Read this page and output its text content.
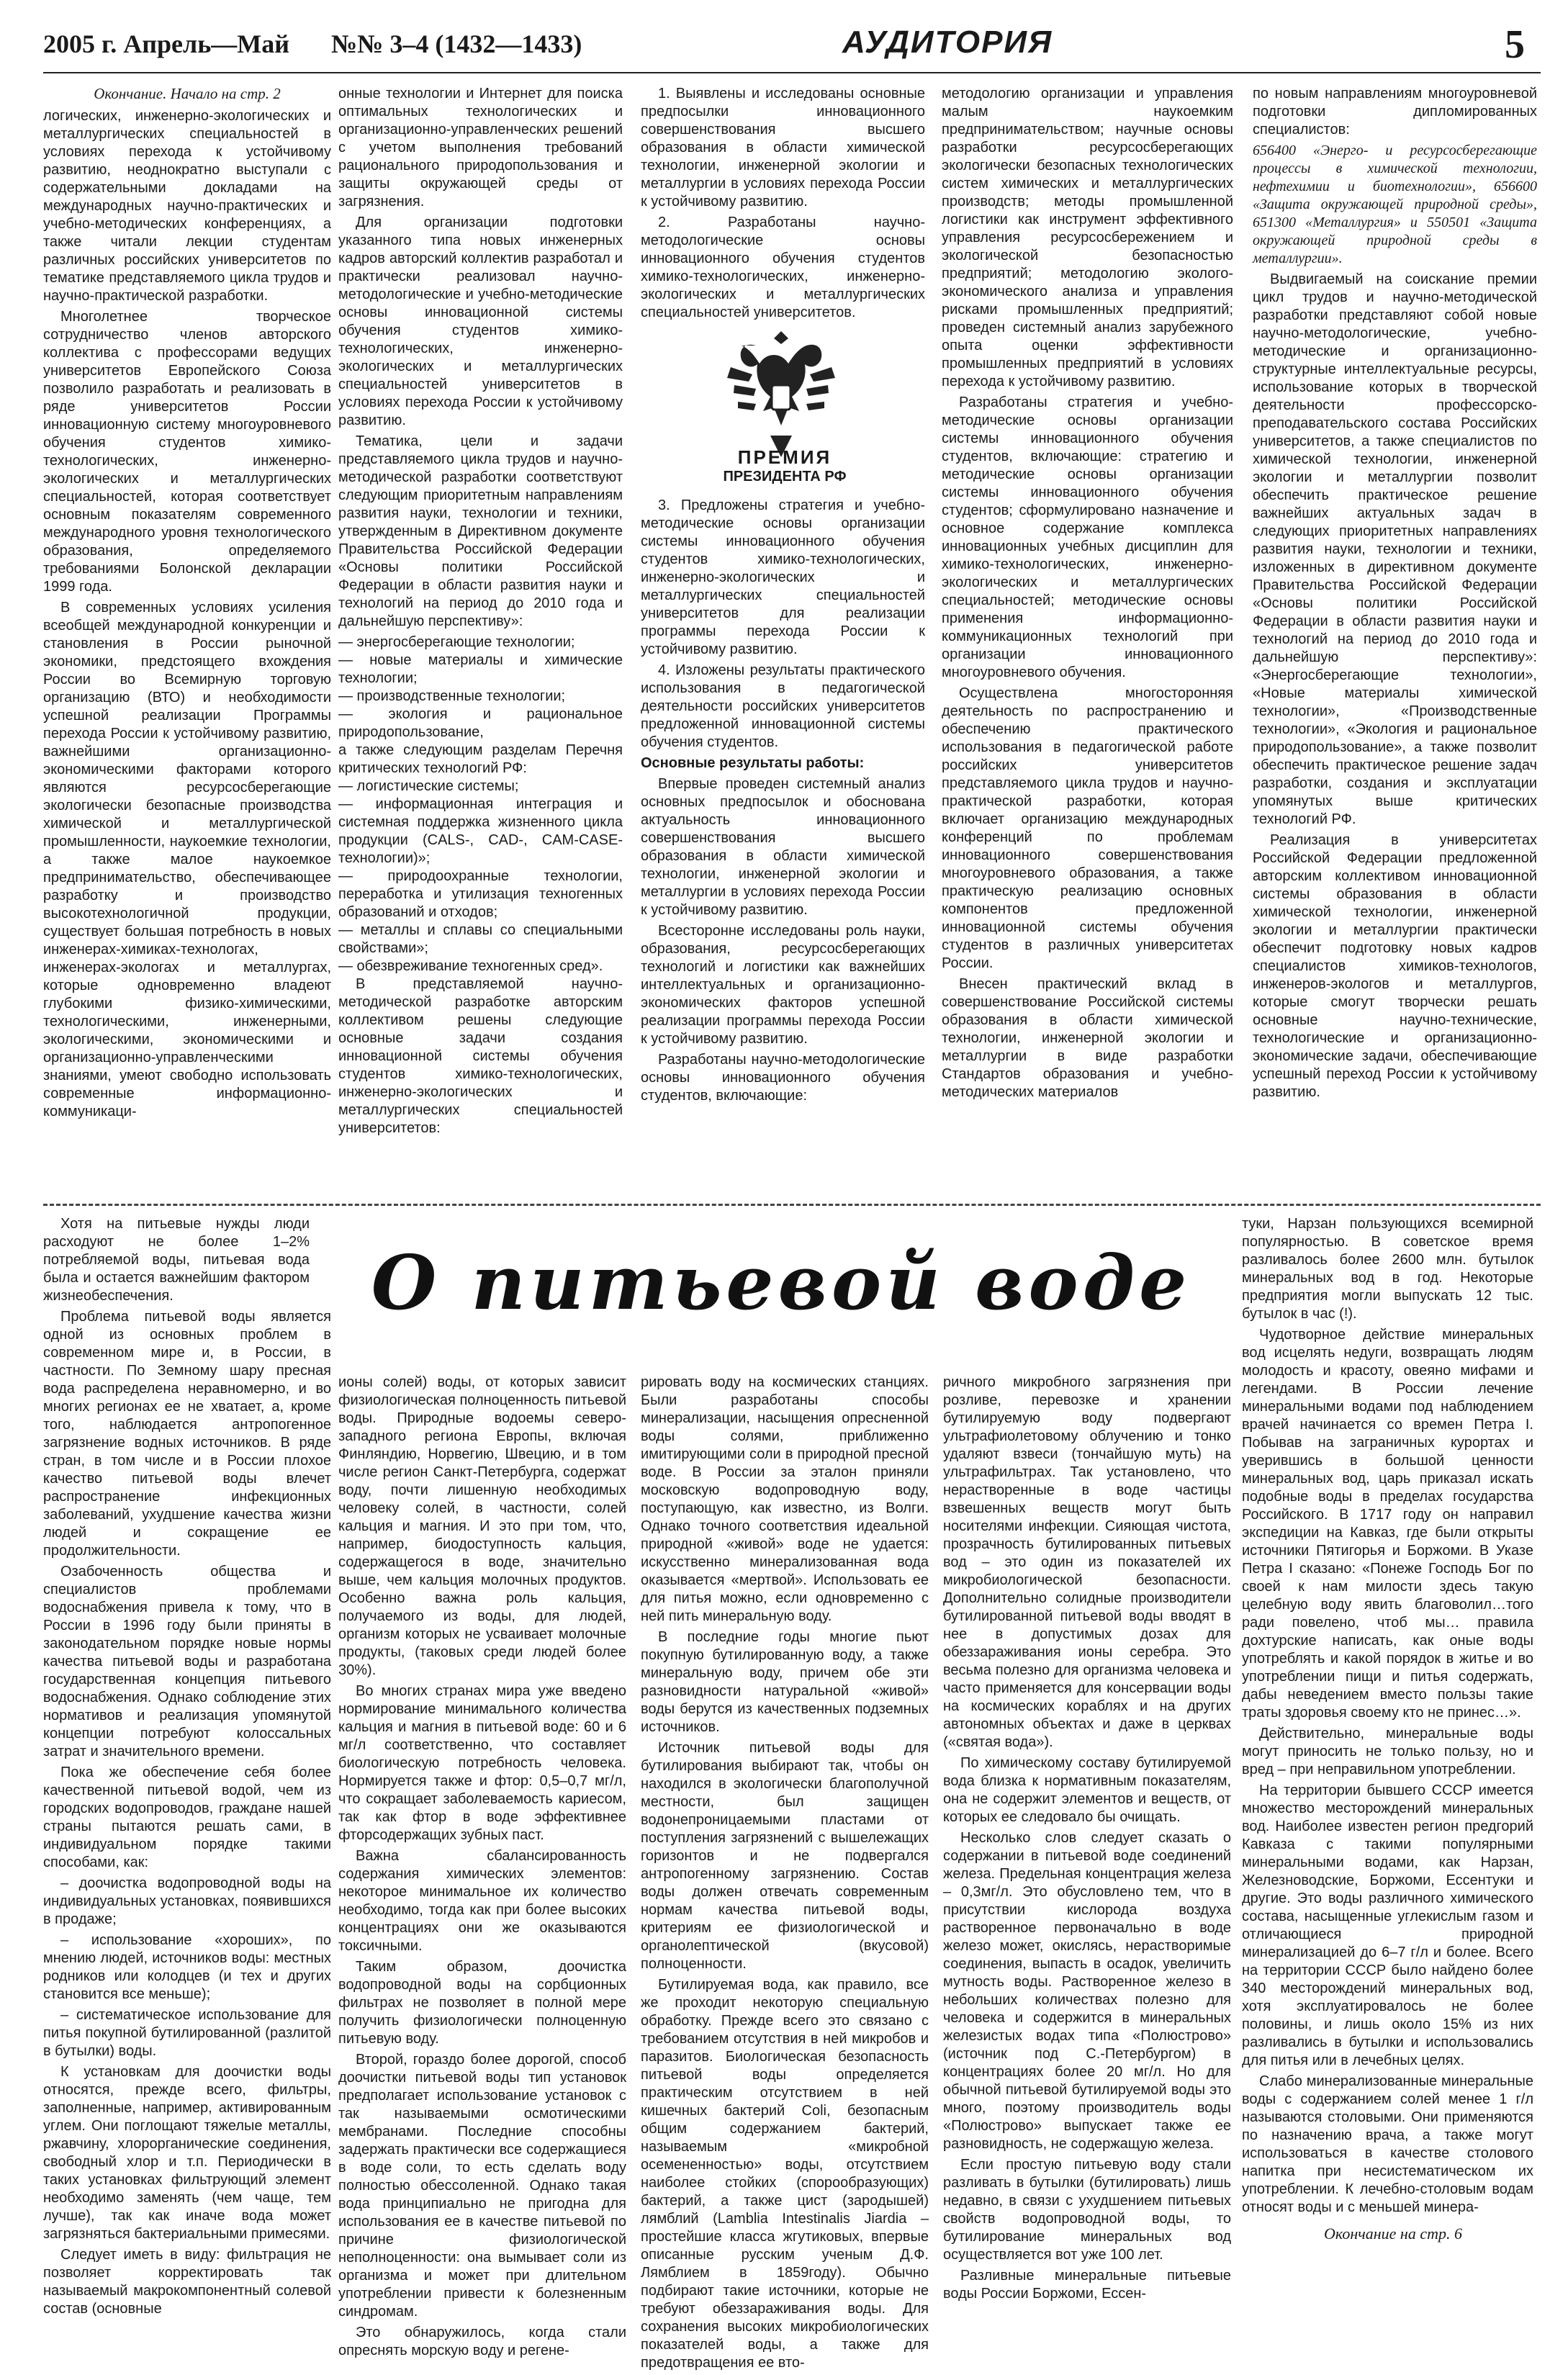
2005 г. Апрель—Май №№ 3–4 (1432—1433)	АУДИТОРИЯ	5
Окончание. Начало на стр. 2

логических, инженерно-экологических и металлургических специальностей в условиях перехода к устойчивому развитию, неоднократно выступали с содержательными докладами на международных научно-практических и учебно-методических конференциях, а также читали лекции студентам различных российских университетов по тематике представляемого цикла трудов и научно-практической разработки.

Многолетнее творческое сотрудничество членов авторского коллектива с профессорами ведущих университетов Европейского Союза позволило разработать и реализовать в ряде университетов России инновационную систему многоуровневого обучения студентов химико-технологических, инженерно-экологических и металлургических специальностей, которая соответствует основным показателям современного международного уровня технологического образования, определяемого требованиями Болонской декларации 1999 года.

В современных условиях усиления всеобщей международной конкуренции и становления в России рыночной экономики, предстоящего вхождения России во Всемирную торговую организацию (ВТО) и необходимости успешной реализации Программы перехода России к устойчивому развитию, важнейшими организационно-экономическими факторами которого являются ресурсосберегающие экологически безопасные производства химической и металлургической промышленности, наукоемкие технологии, а также малое наукоемкое предпринимательство, обеспечивающее разработку и производство высокотехнологичной продукции, существует большая потребность в новых инженерах-химиках-технологах, инженерах-экологах и металлургах, которые одновременно владеют глубокими физико-химическими, технологическими, инженерными, экологическими, экономическими и организационно-управленческими знаниями, умеют свободно использовать современные информационно-коммуникаци-

онные технологии и Интернет для поиска оптимальных технологических и организационно-управленческих решений с учетом выполнения требований рационального природопользования и защиты окружающей среды от загрязнения.

Для организации подготовки указанного типа новых инженерных кадров авторский коллектив разработал и практически реализовал научно-методологические и учебно-методические основы инновационной системы обучения студентов химико-технологических, инженерно-экологических и металлургических специальностей университетов в условиях перехода России к устойчивому развитию.

Тематика, цели и задачи представляемого цикла трудов и научно-методической разработки соответствуют следующим приоритетным направлениям развития науки, технологии и техники, утвержденным в Директивном документе Правительства Российской Федерации «Основы политики Российской Федерации в области развития науки и технологий на период до 2010 года и дальнейшую перспективу»:

— энергосберегающие технологии;
— новые материалы и химические технологии;
— производственные технологии;
— экология и рациональное природопользование,
а также следующим разделам Перечня критических технологий РФ:
— логистические системы;
— информационная интеграция и системная поддержка жизненного цикла продукции (CALS-, CAD-, CAM-CASE-технологии)»;
— природоохранные технологии, переработка и утилизация техногенных образований и отходов;
— металлы и сплавы со специальными свойствами»;
— обезвреживание техногенных сред».

В представляемой научно-методической разработке авторским коллективом решены следующие основные задачи создания инновационной системы обучения студентов химико-технологических, инженерно-экологических и металлургических специальностей университетов:

1. Выявлены и исследованы основные предпосылки инновационного совершенствования высшего образования в области химической технологии, инженерной экологии и металлургии в условиях перехода России к устойчивому развитию.

2. Разработаны научно-методологические основы инновационного обучения студентов химико-технологических, инженерно-экологических и металлургических специальностей университетов.

ПРЕМИЯ
ПРЕЗИДЕНТА РФ

3. Предложены стратегия и учебно-методические основы организации системы инновационного обучения студентов химико-технологических, инженерно-экологических и металлургических специальностей университетов для реализации программы перехода России к устойчивому развитию.

4. Изложены результаты практического использования в педагогической деятельности российских университетов предложенной инновационной системы обучения студентов.

Основные результаты работы:

Впервые проведен системный анализ основных предпосылок и обоснована актуальность инновационного совершенствования высшего образования в области химической технологии, инженерной экологии и металлургии в условиях перехода России к устойчивому развитию.

Всесторонне исследованы роль науки, образования, ресурсосберегающих технологий и логистики как важнейших интеллектуальных и организационно-экономических факторов успешной реализации программы перехода России к устойчивому развитию.

Разработаны научно-методологические основы инновационного обучения студентов, включающие:

методологию организации и управления малым наукоемким предпринимательством; научные основы разработки ресурсосберегающих экологически безопасных технологических систем химических и металлургических производств; методы промышленной логистики как инструмент эффективного управления ресурсосбережением и экологической безопасностью предприятий; методологию эколого-экономического анализа и управления рисками промышленных предприятий; проведен системный анализ зарубежного опыта оценки эффективности промышленных предприятий в условиях перехода к устойчивому развитию.

Разработаны стратегия и учебно-методические основы организации системы инновационного обучения студентов, включающие: стратегию и методические основы организации системы инновационного обучения студентов; сформулировано назначение и основное содержание комплекса инновационных учебных дисциплин для химико-технологических, инженерно-экологических и металлургических специальностей; методические основы применения информационно-коммуникационных технологий при организации инновационного многоуровневого обучения.

Осуществлена многосторонняя деятельность по распространению и обеспечению практического использования в педагогической работе российских университетов представляемого цикла трудов и научно-практической разработки, которая включает организацию международных конференций по проблемам инновационного совершенствования многоуровневого образования, а также практическую реализацию основных компонентов предложенной инновационной системы обучения студентов в различных университетах России.

Внесен практический вклад в совершенствование Российской системы образования в области химической технологии, инженерной экологии и металлургии в виде разработки Стандартов образования и учебно-методических материалов

по новым направлениям многоуровневой подготовки дипломированных специалистов:

656400 «Энерго- и ресурсосберегающие процессы в химической технологии, нефтехимии и биотехнологии», 656600 «Защита окружающей природной среды», 651300 «Металлургия» и 550501 «Защита окружающей природной среды в металлургии».

Выдвигаемый на соискание премии цикл трудов и научно-методической разработки представляют собой новые научно-методологические, учебно-методические и организационно-структурные интеллектуальные ресурсы, использование которых в творческой деятельности профессорско-преподавательского состава Российских университетов, а также специалистов по химической технологии, инженерной экологии и металлургии позволит обеспечить практическое решение важнейших актуальных задач в следующих приоритетных направлениях развития науки, технологии и техники, изложенных в директивном документе Правительства Российской Федерации «Основы политики Российской Федерации в области развития науки и технологий на период до 2010 года и дальнейшую перспективу»: «Энергосберегающие технологии», «Новые материалы химической технологии», «Производственные технологии», «Экология и рациональное природопользование», а также позволит обеспечить практическое решение задач разработки, создания и эксплуатации упомянутых выше критических технологий РФ.

Реализация в университетах Российской Федерации предложенной авторским коллективом инновационной системы образования в области химической технологии, инженерной экологии и металлургии практически обеспечит подготовку новых кадров специалистов химиков-технологов, инженеров-экологов и металлургов, которые смогут творчески решать основные научно-технические, технологические и организационно-экономические задачи, обеспечивающие успешный переход России к устойчивому развитию.

О питьевой воде

Хотя на питьевые нужды люди расходуют не более 1–2% потребляемой воды, питьевая вода была и остается важнейшим фактором жизнеобеспечения.

Проблема питьевой воды является одной из основных проблем в современном мире и, в России, в частности. По Земному шару пресная вода распределена неравномерно, и во многих регионах ее не хватает, а, кроме того, наблюдается антропогенное загрязнение водных источников. В ряде стран, в том числе и в России плохое качество питьевой воды влечет распространение инфекционных заболеваний, ухудшение качества жизни людей и сокращение ее продолжительности.

Озабоченность общества и специалистов проблемами водоснабжения привела к тому, что в России в 1996 году были приняты в законодательном порядке новые нормы качества питьевой воды и разработана государственная концепция питьевого водоснабжения. Однако соблюдение этих нормативов и реализация упомянутой концепции потребуют колоссальных затрат и значительного времени.

Пока же обеспечение себя более качественной питьевой водой, чем из городских водопроводов, граждане нашей страны пытаются решать сами, в индивидуальном порядке такими способами, как:

– доочистка водопроводной воды на индивидуальных установках, появившихся в продаже;

– использование «хороших», по мнению людей, источников воды: местных родников или колодцев (и тех и других становится все меньше);

– систематическое использование для питья покупной бутилированной (разлитой в бутылки) воды.

К установкам для доочистки воды относятся, прежде всего, фильтры, заполненные, например, активированным углем. Они поглощают тяжелые металлы, ржавчину, хлорорганические соединения, свободный хлор и т.п. Периодически в таких установках фильтрующий элемент необходимо заменять (чем чаще, тем лучше), так как иначе вода может загрязняться бактериальными примесями.

Следует иметь в виду: фильтрация не позволяет корректировать так называемый макрокомпонентный солевой состав (основные

ионы солей) воды, от которых зависит физиологическая полноценность питьевой воды. Природные водоемы северо-западного региона Европы, включая Финляндию, Норвегию, Швецию, и в том числе регион Санкт-Петербурга, содержат воду, почти лишенную необходимых человеку солей, в частности, солей кальция и магния. И это при том, что, например, биодоступность кальция, содержащегося в воде, значительно выше, чем кальция молочных продуктов. Особенно важна роль кальция, получаемого из воды, для людей, организм которых не усваивает молочные продукты, (таковых среди людей более 30%).

Во многих странах мира уже введено нормирование минимального количества кальция и магния в питьевой воде: 60 и 6 мг/л соответственно, что составляет биологическую потребность человека. Нормируется также и фтор: 0,5–0,7 мг/л, что сокращает заболеваемость кариесом, так как фтор в воде эффективнее фторсодержащих зубных паст.

Важна сбалансированность содержания химических элементов: некоторое минимальное их количество необходимо, тогда как при более высоких концентрациях они же оказываются токсичными.

Таким образом, доочистка водопроводной воды на сорбционных фильтрах не позволяет в полной мере получить физиологически полноценную питьевую воду.

Второй, гораздо более дорогой, способ доочистки питьевой воды тип установок предполагает использование установок с так называемыми осмотическими мембранами. Последние способны задержать практически все содержащиеся в воде соли, то есть сделать воду полностью обессоленной. Однако такая вода принципиально не пригодна для использования ее в качестве питьевой по причине физиологической неполноценности: она вымывает соли из организма и может при длительном употреблении привести к болезненным синдромам.

Это обнаружилось, когда стали опреснять морскую воду и регене-

рировать воду на космических станциях. Были разработаны способы минерализации, насыщения опресненной воды солями, приближенно имитирующими соли в природной пресной воде. В России за эталон приняли московскую водопроводную воду, поступающую, как известно, из Волги. Однако точного соответствия идеальной природной «живой» воде не удается: искусственно минерализованная вода оказывается «мертвой». Использовать ее для питья можно, если одновременно с ней пить минеральную воду.

В последние годы многие пьют покупную бутилированную воду, а также минеральную воду, причем обе эти разновидности натуральной «живой» воды берутся из качественных подземных источников.

Источник питьевой воды для бутилирования выбирают так, чтобы он находился в экологически благополучной местности, был защищен водонепроницаемыми пластами от поступления загрязнений с вышележащих горизонтов и не подвергался антропогенному загрязнению. Состав воды должен отвечать современным нормам качества питьевой воды, критериям ее физиологической и органолептической (вкусовой) полноценности.

Бутилируемая вода, как правило, все же проходит некоторую специальную обработку. Прежде всего это связано с требованием отсутствия в ней микробов и паразитов. Биологическая безопасность питьевой воды определяется практическим отсутствием в ней кишечных бактерий Coli, безопасным общим содержанием бактерий, называемым «микробной осемененностью» воды, отсутствием наиболее стойких (спорообразующих) бактерий, а также цист (зародышей) лямблий (Lamblia Intestinalis Jiardia – простейшие класса жгутиковых, впервые описанные русским ученым Д.Ф. Лямблием в 1859году). Обычно подбирают такие источники, которые не требуют обеззараживания воды. Для сохранения высоких микробиологических показателей воды, а также для предотвращения ее вто-

ричного микробного загрязнения при розливе, перевозке и хранении бутилируемую воду подвергают ультрафиолетовому облучению и тонко удаляют взвеси (тончайшую муть) на ультрафильтрах. Так установлено, что нерастворенные в воде частицы взвешенных веществ могут быть носителями инфекции. Сияющая чистота, прозрачность бутилированных питьевых вод – это один из показателей их микробиологической безопасности. Дополнительно солидные производители бутилированной питьевой воды вводят в нее в допустимых дозах для обеззараживания ионы серебра. Это весьма полезно для организма человека и часто применяется для консервации воды на космических кораблях и на других автономных объектах и даже в церквах («святая вода»).

По химическому составу бутилируемой вода близка к нормативным показателям, она не содержит элементов и веществ, от которых ее следовало бы очищать.

Несколько слов следует сказать о содержании в питьевой воде соединений железа. Предельная концентрация железа – 0,3мг/л. Это обусловлено тем, что в присутствии кислорода воздуха растворенное первоначально в воде железо может, окислясь, нерастворимые соединения, выпасть в осадок, увеличить мутность воды. Растворенное железо в небольших количествах полезно для человека и содержится в минеральных железистых водах типа «Полюстрово» (источник под С.-Петербургом) в концентрациях более 20 мг/л. Но для обычной питьевой бутилируемой воды это много, поэтому производитель воды «Полюстрово» выпускает также ее разновидность, не содержащую железа.

Если простую питьевую воду стали разливать в бутылки (бутилировать) лишь недавно, в связи с ухудшением питьевых свойств водопроводной воды, то бутилирование минеральных вод осуществляется вот уже 100 лет.

Разливные минеральные питьевые воды России Боржоми, Ессен-

туки, Нарзан пользующихся всемирной популярностью. В советское время разливалось более 2600 млн. бутылок минеральных вод в год. Некоторые предприятия могли выпускать 12 тыс. бутылок в час (!).

Чудотворное действие минеральных вод исцелять недуги, возвращать людям молодость и красоту, овеяно мифами и легендами. В России лечение минеральными водами под наблюдением врачей начинается со времен Петра I. Побывав на заграничных курортах и уверившись в большой ценности минеральных вод, царь приказал искать подобные воды в пределах государства Российского. В 1717 году он направил экспедиции на Кавказ, где были открыты источники Пятигорья и Боржоми. В Указе Петра I сказано: «Понеже Господь Бог по своей к нам милости здесь такую целебную воду явить благоволил…того ради повелено, чтоб мы… правила дохтурские написать, как оные воды употреблять и какой порядок в житье и во употреблении пищи и питья содержать, дабы неведением вместо пользы такие траты здоровья своему кто не принес…».

Действительно, минеральные воды могут приносить не только пользу, но и вред – при неправильном употреблении.

На территории бывшего СССР имеется множество месторождений минеральных вод. Наиболее известен регион предгорий Кавказа с такими популярными минеральными водами, как Нарзан, Железноводские, Боржоми, Ессентуки и другие. Это воды различного химического состава, насыщенные углекислым газом и отличающиеся природной минерализацией до 6–7 г/л и более. Всего на территории СССР было найдено более 340 месторождений минеральных вод, хотя эксплуатировалось не более половины, и лишь около 15% из них разливались в бутылки и использовались для питья или в лечебных целях.

Слабо минерализованные минеральные воды с содержанием солей менее 1 г/л называются столовыми. Они применяются по назначению врача, а также могут использоваться в качестве столового напитка при несистематическом их употреблении. К лечебно-столовым водам относят воды и с меньшей минера-

Окончание на стр. 6
